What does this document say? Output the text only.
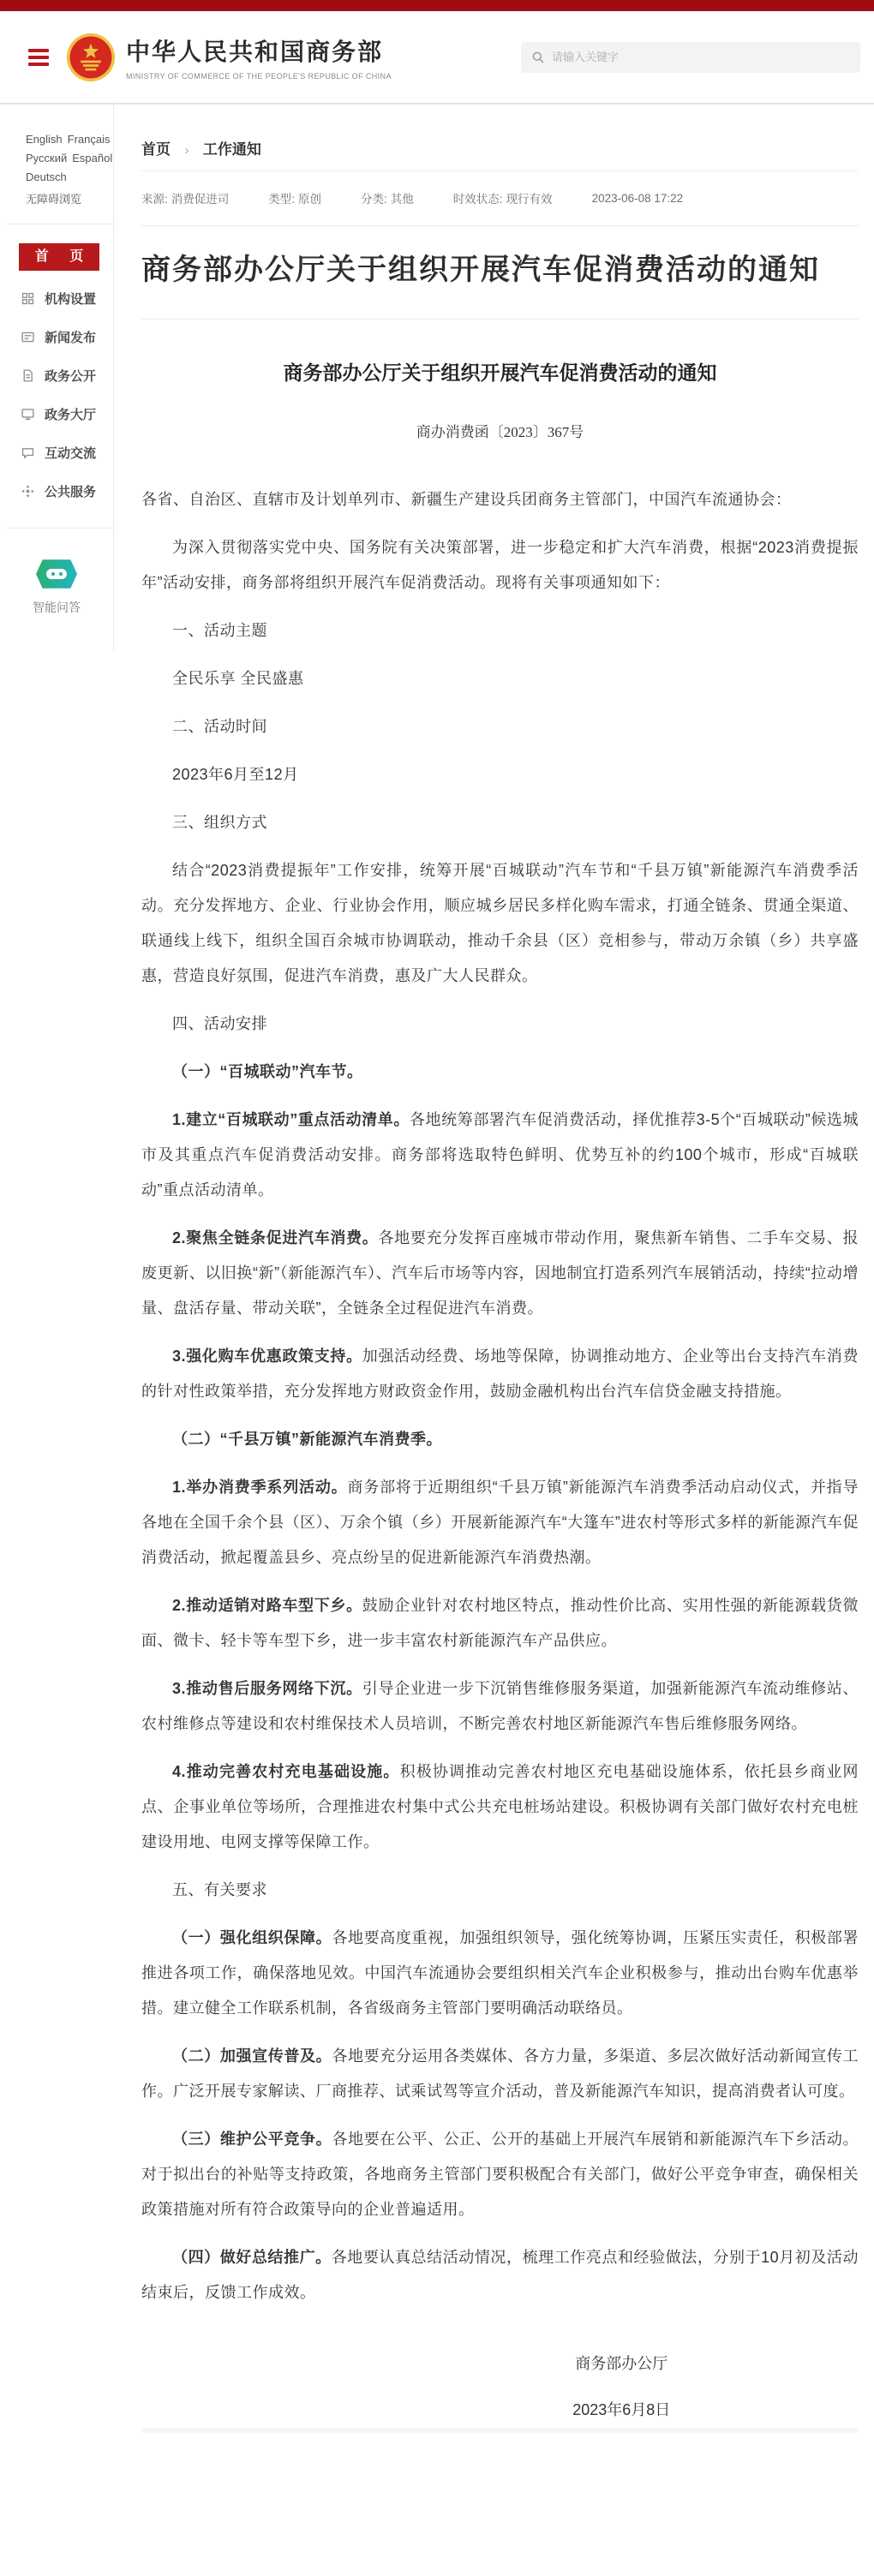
中华人民共和国商务部
MINISTRY OF COMMERCE OF THE PEOPLE'S REPUBLIC OF CHINA
请输入关键字
English FrançaisРусский EspañolDeutsch
无障碍浏览
首 页
机构设置
新闻发布
政务公开
政务大厅
互动交流
公共服务
智能问答
首页 › 工作通知
来源: 消费促进司	类型: 原创	分类: 其他	时效状态: 现行有效	2023-06-08 17:22
商务部办公厅关于组织开展汽车促消费活动的通知
商务部办公厅关于组织开展汽车促消费活动的通知
商办消费函〔2023〕367号

各省、自治区、直辖市及计划单列市、新疆生产建设兵团商务主管部门，中国汽车流通协会：

为深入贯彻落实党中央、国务院有关决策部署，进一步稳定和扩大汽车消费，根据“2023消费提振年”活动安排，商务部将组织开展汽车促消费活动。现将有关事项通知如下：

一、活动主题

全民乐享 全民盛惠

二、活动时间

2023年6月至12月

三、组织方式

结合“2023消费提振年”工作安排，统筹开展“百城联动”汽车节和“千县万镇”新能源汽车消费季活动。充分发挥地方、企业、行业协会作用，顺应城乡居民多样化购车需求，打通全链条、贯通全渠道、联通线上线下，组织全国百余城市协调联动，推动千余县（区）竞相参与，带动万余镇（乡）共享盛惠，营造良好氛围，促进汽车消费，惠及广大人民群众。

四、活动安排

（一）“百城联动”汽车节。

1.建立“百城联动”重点活动清单。各地统筹部署汽车促消费活动，择优推荐3-5个“百城联动”候选城市及其重点汽车促消费活动安排。商务部将选取特色鲜明、优势互补的约100个城市，形成“百城联动”重点活动清单。

2.聚焦全链条促进汽车消费。各地要充分发挥百座城市带动作用，聚焦新车销售、二手车交易、报废更新、以旧换“新”（新能源汽车）、汽车后市场等内容，因地制宜打造系列汽车展销活动，持续“拉动增量、盘活存量、带动关联”，全链条全过程促进汽车消费。

3.强化购车优惠政策支持。加强活动经费、场地等保障，协调推动地方、企业等出台支持汽车消费的针对性政策举措，充分发挥地方财政资金作用，鼓励金融机构出台汽车信贷金融支持措施。

（二）“千县万镇”新能源汽车消费季。

1.举办消费季系列活动。商务部将于近期组织“千县万镇”新能源汽车消费季活动启动仪式，并指导各地在全国千余个县（区）、万余个镇（乡）开展新能源汽车“大篷车”进农村等形式多样的新能源汽车促消费活动，掀起覆盖县乡、亮点纷呈的促进新能源汽车消费热潮。

2.推动适销对路车型下乡。鼓励企业针对农村地区特点，推动性价比高、实用性强的新能源载货微面、微卡、轻卡等车型下乡，进一步丰富农村新能源汽车产品供应。

3.推动售后服务网络下沉。引导企业进一步下沉销售维修服务渠道，加强新能源汽车流动维修站、农村维修点等建设和农村维保技术人员培训，不断完善农村地区新能源汽车售后维修服务网络。

4.推动完善农村充电基础设施。积极协调推动完善农村地区充电基础设施体系，依托县乡商业网点、企事业单位等场所，合理推进农村集中式公共充电桩场站建设。积极协调有关部门做好农村充电桩建设用地、电网支撑等保障工作。

五、有关要求

（一）强化组织保障。各地要高度重视，加强组织领导，强化统筹协调，压紧压实责任，积极部署推进各项工作，确保落地见效。中国汽车流通协会要组织相关汽车企业积极参与，推动出台购车优惠举措。建立健全工作联系机制，各省级商务主管部门要明确活动联络员。

（二）加强宣传普及。各地要充分运用各类媒体、各方力量，多渠道、多层次做好活动新闻宣传工作。广泛开展专家解读、厂商推荐、试乘试驾等宣介活动，普及新能源汽车知识，提高消费者认可度。

（三）维护公平竞争。各地要在公平、公正、公开的基础上开展汽车展销和新能源汽车下乡活动。对于拟出台的补贴等支持政策，各地商务主管部门要积极配合有关部门，做好公平竞争审查，确保相关政策措施对所有符合政策导向的企业普遍适用。

（四）做好总结推广。各地要认真总结活动情况，梳理工作亮点和经验做法，分别于10月初及活动结束后，反馈工作成效。

商务部办公厅
2023年6月8日
